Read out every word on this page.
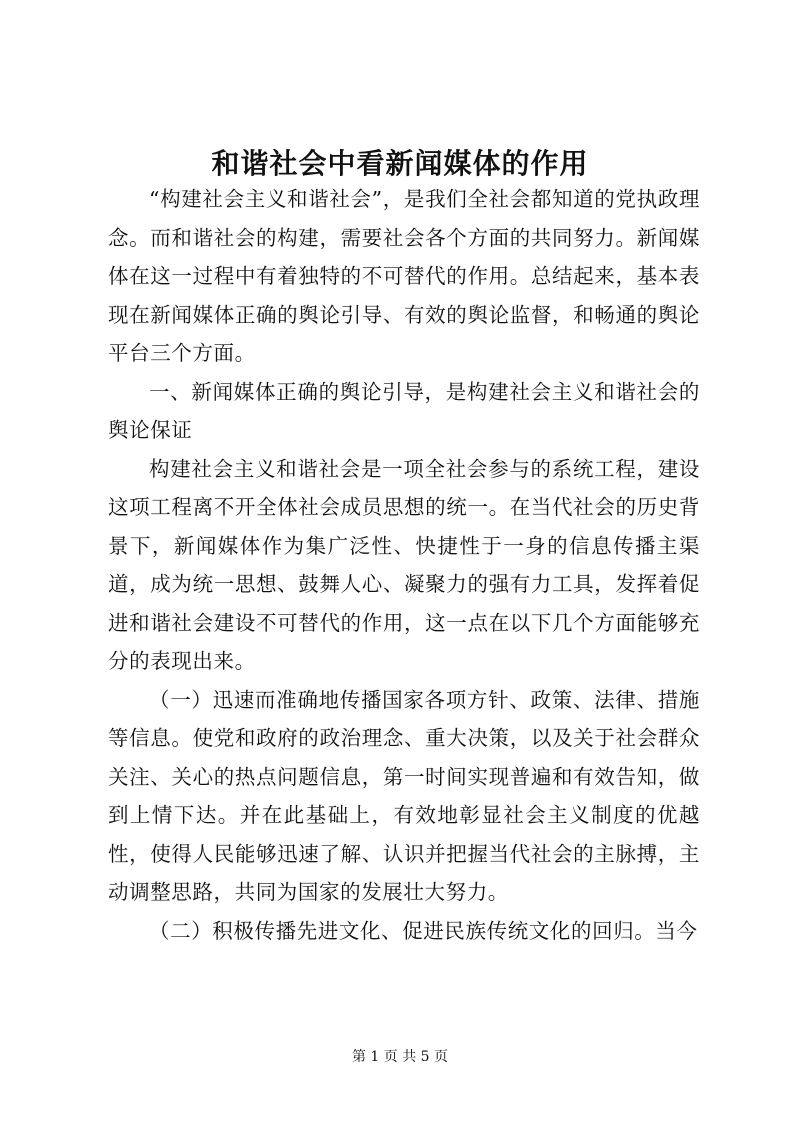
和谐社会中看新闻媒体的作用

“构建社会主义和谐社会”，是我们全社会都知道的党执政理念。而和谐社会的构建，需要社会各个方面的共同努力。新闻媒体在这一过程中有着独特的不可替代的作用。总结起来，基本表现在新闻媒体正确的舆论引导、有效的舆论监督，和畅通的舆论平台三个方面。

一、新闻媒体正确的舆论引导，是构建社会主义和谐社会的舆论保证

构建社会主义和谐社会是一项全社会参与的系统工程，建设这项工程离不开全体社会成员思想的统一。在当代社会的历史背景下，新闻媒体作为集广泛性、快捷性于一身的信息传播主渠道，成为统一思想、鼓舞人心、凝聚力的强有力工具，发挥着促进和谐社会建设不可替代的作用，这一点在以下几个方面能够充分的表现出来。

（一）迅速而准确地传播国家各项方针、政策、法律、措施等信息。使党和政府的政治理念、重大决策，以及关于社会群众关注、关心的热点问题信息，第一时间实现普遍和有效告知，做到上情下达。并在此基础上，有效地彰显社会主义制度的优越性，使得人民能够迅速了解、认识并把握当代社会的主脉搏，主动调整思路，共同为国家的发展壮大努力。

（二）积极传播先进文化、促进民族传统文化的回归。当今

第 1 页 共 5 页
